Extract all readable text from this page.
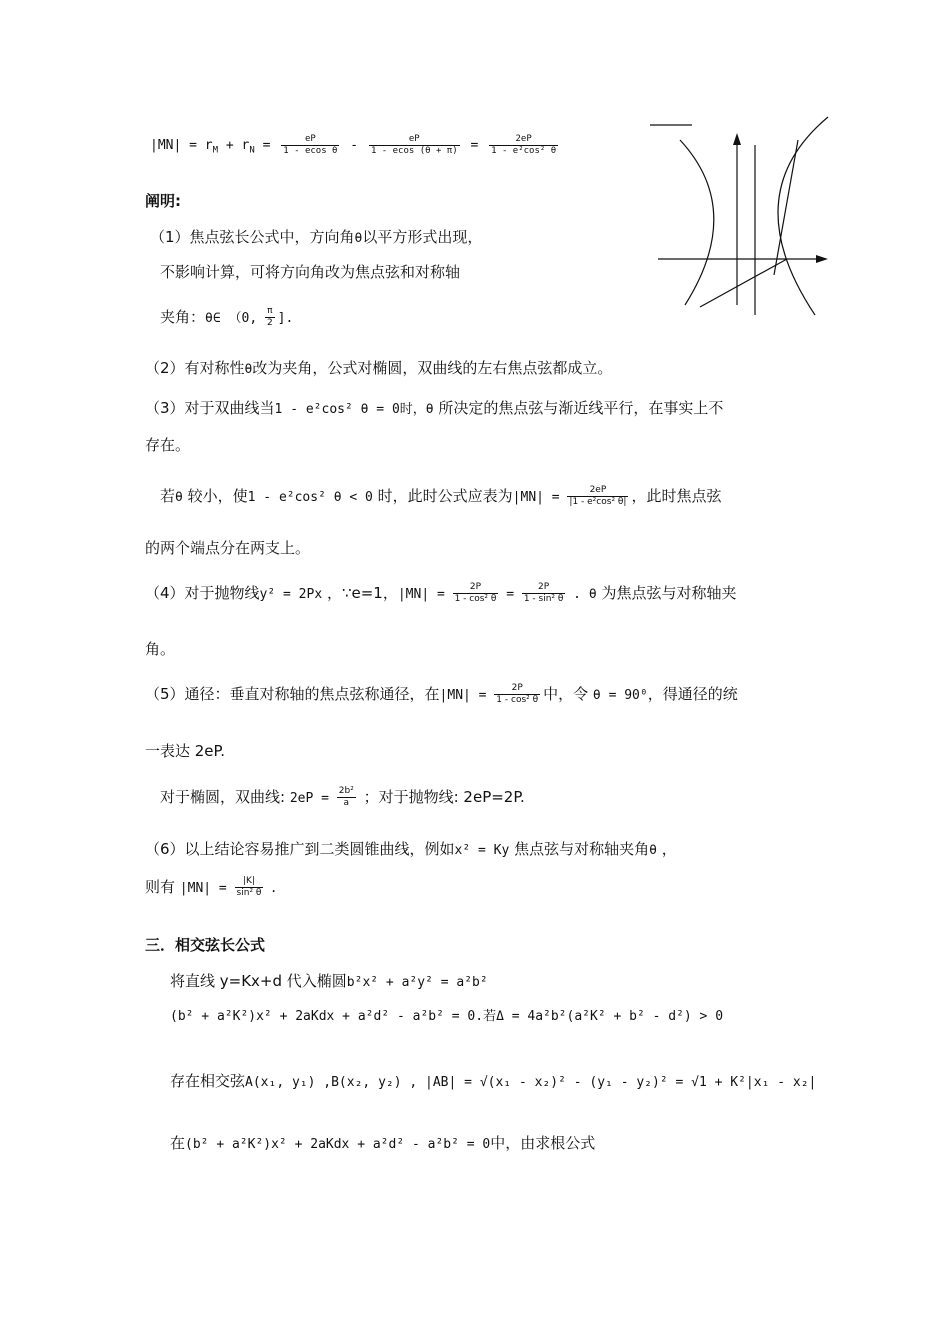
$|MN| = r_M + r_N = \frac{eP}{\text{1 - ecos θ}} - \frac{eP}{1 - ecos (\theta + \pi)} = \frac{2eP}{\text{1 - e²cos² θ}}$
阐明:
（1）焦点弦长公式中，方向角θ以平方形式出现，
不影响计算，可将方向角改为焦点弦和对称轴
夹角：θ∈ （0, $\frac{\pi}{2}$ ].
（2）有对称性θ改为夹角，公式对椭圆，双曲线的左右焦点弦都成立。
（3）对于双曲线当1 - e²cos² θ = 0时，θ 所决定的焦点弦与渐近线平行，在事实上不
存在。
若θ 较小，使1 - e²cos² θ < 0 时，此时公式应表为$|MN| = \frac{2eP}{\text{|1 - e²cos² θ|}}$ ，此时焦点弦
的两个端点分在两支上。
（4）对于抛物线y² = 2Px ，∵e=1，$|MN| = \frac{2P}{\text{1 - cos² θ}} = \frac{2P}{\text{1 - sin² θ}}$ . θ 为焦点弦与对称轴夹
角。
（5）通径：垂直对称轴的焦点弦称通径，在$|MN| = \frac{2P}{\text{1 - cos² θ}}$ 中，令 θ = 90⁰，得通径的统
一表达 2eP.
对于椭圆，双曲线: $2eP = \frac{\text{2b²}}{a}$ ；对于抛物线: 2eP=2P.
（6）以上结论容易推广到二类圆锥曲线，例如x² = Ky 焦点弦与对称轴夹角θ ，
则有 $|MN| = \frac{|K|}{\text{sin² θ}}$ .
三．相交弦长公式
将直线 y=Kx+d 代入椭圆b²x² + a²y² = a²b²
(b² + a²K²)x² + 2aKdx + a²d² - a²b² = 0.若Δ = 4a²b²(a²K² + b² - d²) > 0
存在相交弦A(x₁, y₁) ,B(x₂, y₂) , |AB| = √(x₁ - x₂)² - (y₁ - y₂)² = √1 + K²|x₁ - x₂|
在(b² + a²K²)x² + 2aKdx + a²d² - a²b² = 0中，由求根公式
